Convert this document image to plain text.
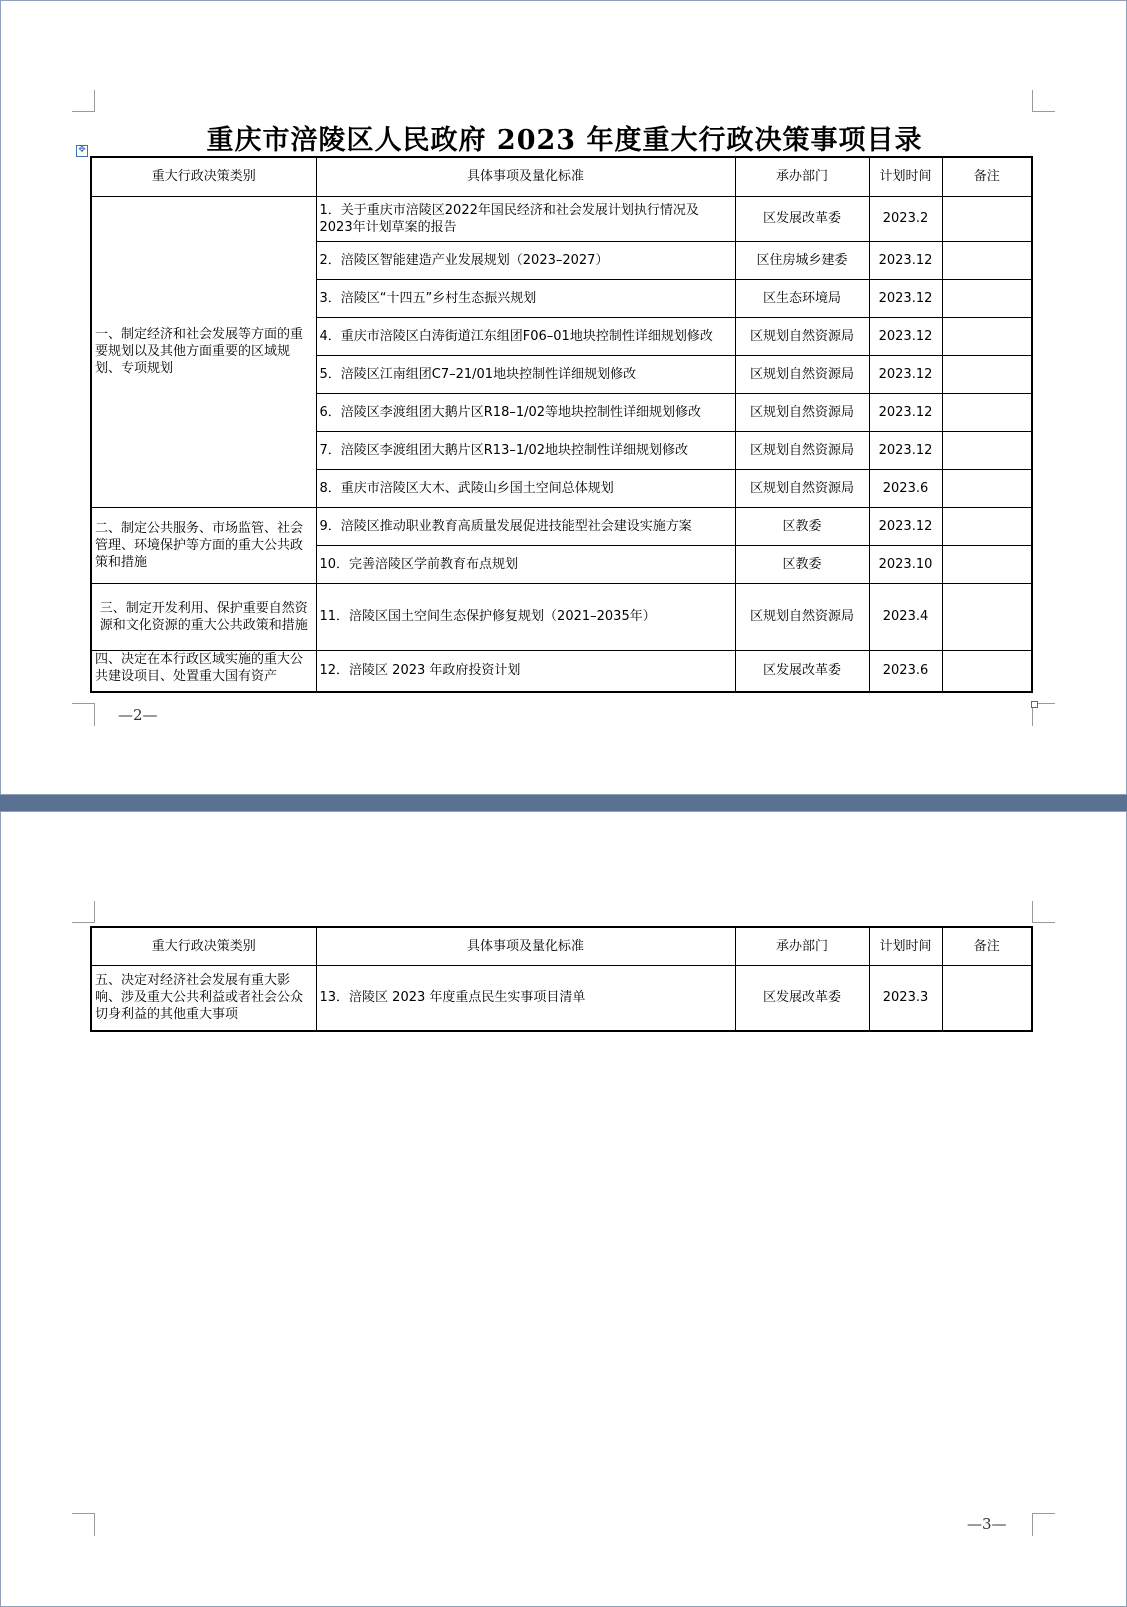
重庆市涪陵区人民政府 2023 年度重大行政决策事项目录
✥
重大行政决策类别	具体事项及量化标准	承办部门	计划时间	备注
一、制定经济和社会发展等方面的重要规划以及其他方面重要的区域规划、专项规划	1．关于重庆市涪陵区2022年国民经济和社会发展计划执行情况及2023年计划草案的报告	区发展改革委	2023.2	
	2．涪陵区智能建造产业发展规划（2023–2027）	区住房城乡建委	2023.12	
	3．涪陵区“十四五”乡村生态振兴规划	区生态环境局	2023.12	
	4．重庆市涪陵区白涛街道江东组团F06–01地块控制性详细规划修改	区规划自然资源局	2023.12	
	5．涪陵区江南组团C7–21/01地块控制性详细规划修改	区规划自然资源局	2023.12	
	6．涪陵区李渡组团大鹅片区R18–1/02等地块控制性详细规划修改	区规划自然资源局	2023.12	
	7．涪陵区李渡组团大鹅片区R13–1/02地块控制性详细规划修改	区规划自然资源局	2023.12	
	8．重庆市涪陵区大木、武陵山乡国土空间总体规划	区规划自然资源局	2023.6	
二、制定公共服务、市场监管、社会管理、环境保护等方面的重大公共政策和措施	9．涪陵区推动职业教育高质量发展促进技能型社会建设实施方案	区教委	2023.12	
	10．完善涪陵区学前教育布点规划	区教委	2023.10	
三、制定开发利用、保护重要自然资源和文化资源的重大公共政策和措施	11．涪陵区国土空间生态保护修复规划（2021–2035年）	区规划自然资源局	2023.4	

四、决定在本行政区域实施的重大公共建设项目、处置重大国有资产	12．涪陵区 2023 年政府投资计划	区发展改革委	2023.6	
—2—
重大行政决策类别	具体事项及量化标准	承办部门	计划时间	备注
五、决定对经济社会发展有重大影响、涉及重大公共利益或者社会公众切身利益的其他重大事项	13．涪陵区 2023 年度重点民生实事项目清单	区发展改革委	2023.3	
—3—
